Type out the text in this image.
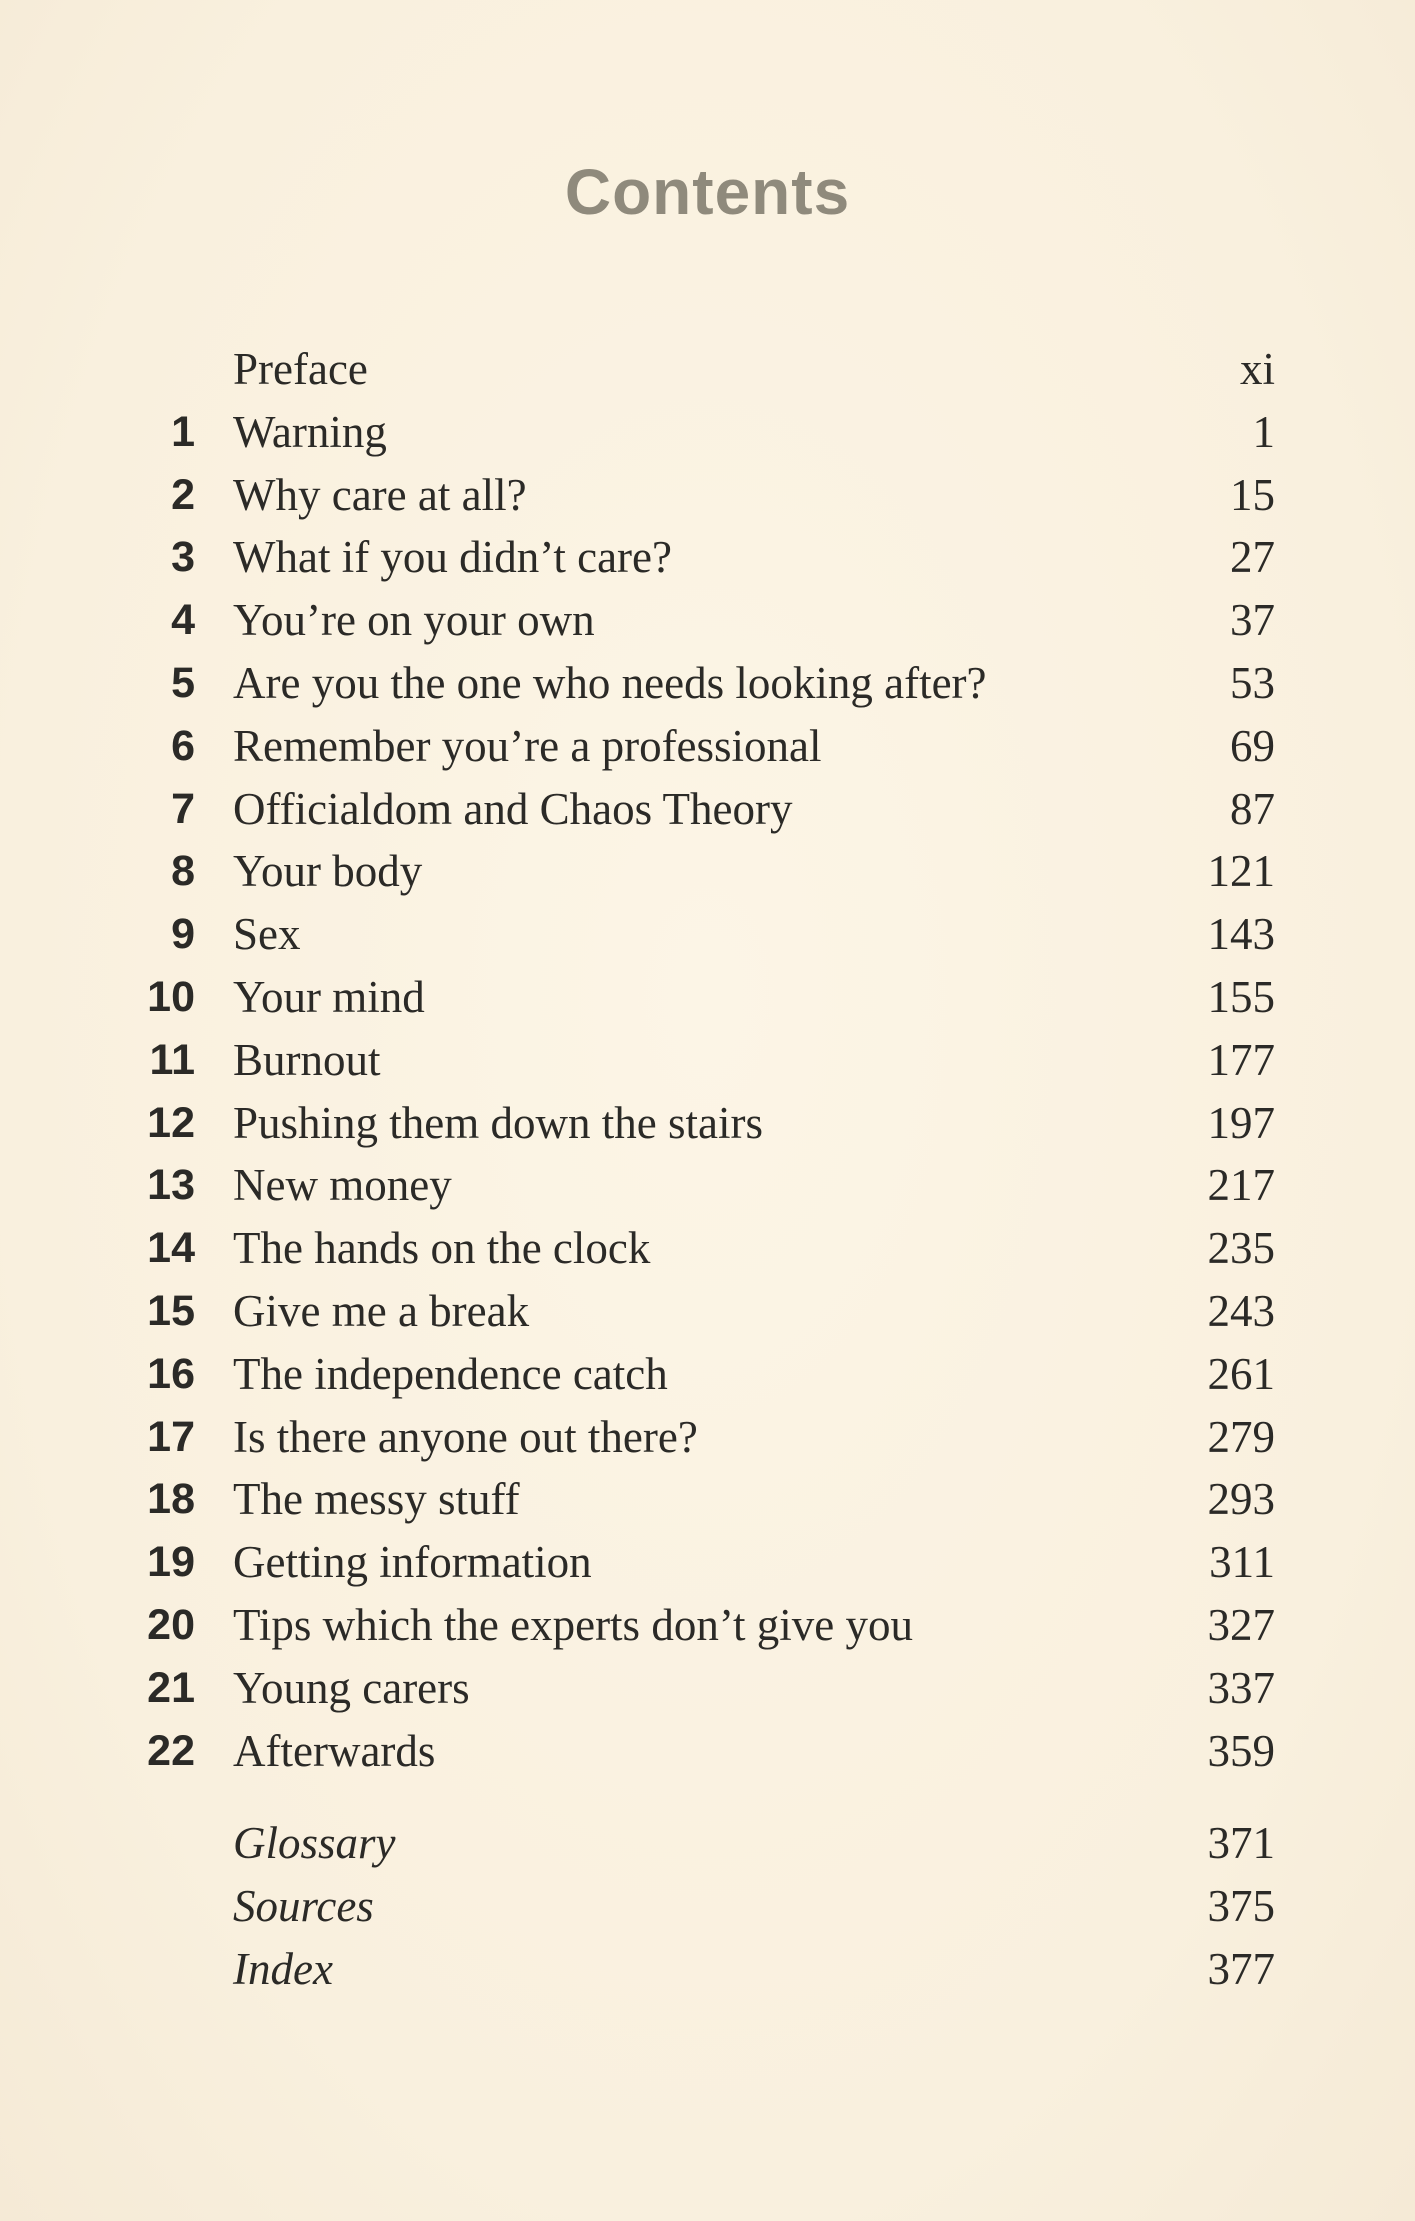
Contents
Preface	xi
1 Warning	1
2 Why care at all?	15
3 What if you didn’t care?	27
4 You’re on your own	37
5 Are you the one who needs looking after?	53
6 Remember you’re a professional	69
7 Officialdom and Chaos Theory	87
8 Your body	121
9 Sex	143
10 Your mind	155
11 Burnout	177
12 Pushing them down the stairs	197
13 New money	217
14 The hands on the clock	235
15 Give me a break	243
16 The independence catch	261
17 Is there anyone out there?	279
18 The messy stuff	293
19 Getting information	311
20 Tips which the experts don’t give you	327
21 Young carers	337
22 Afterwards	359
Glossary	371
Sources	375
Index	377
